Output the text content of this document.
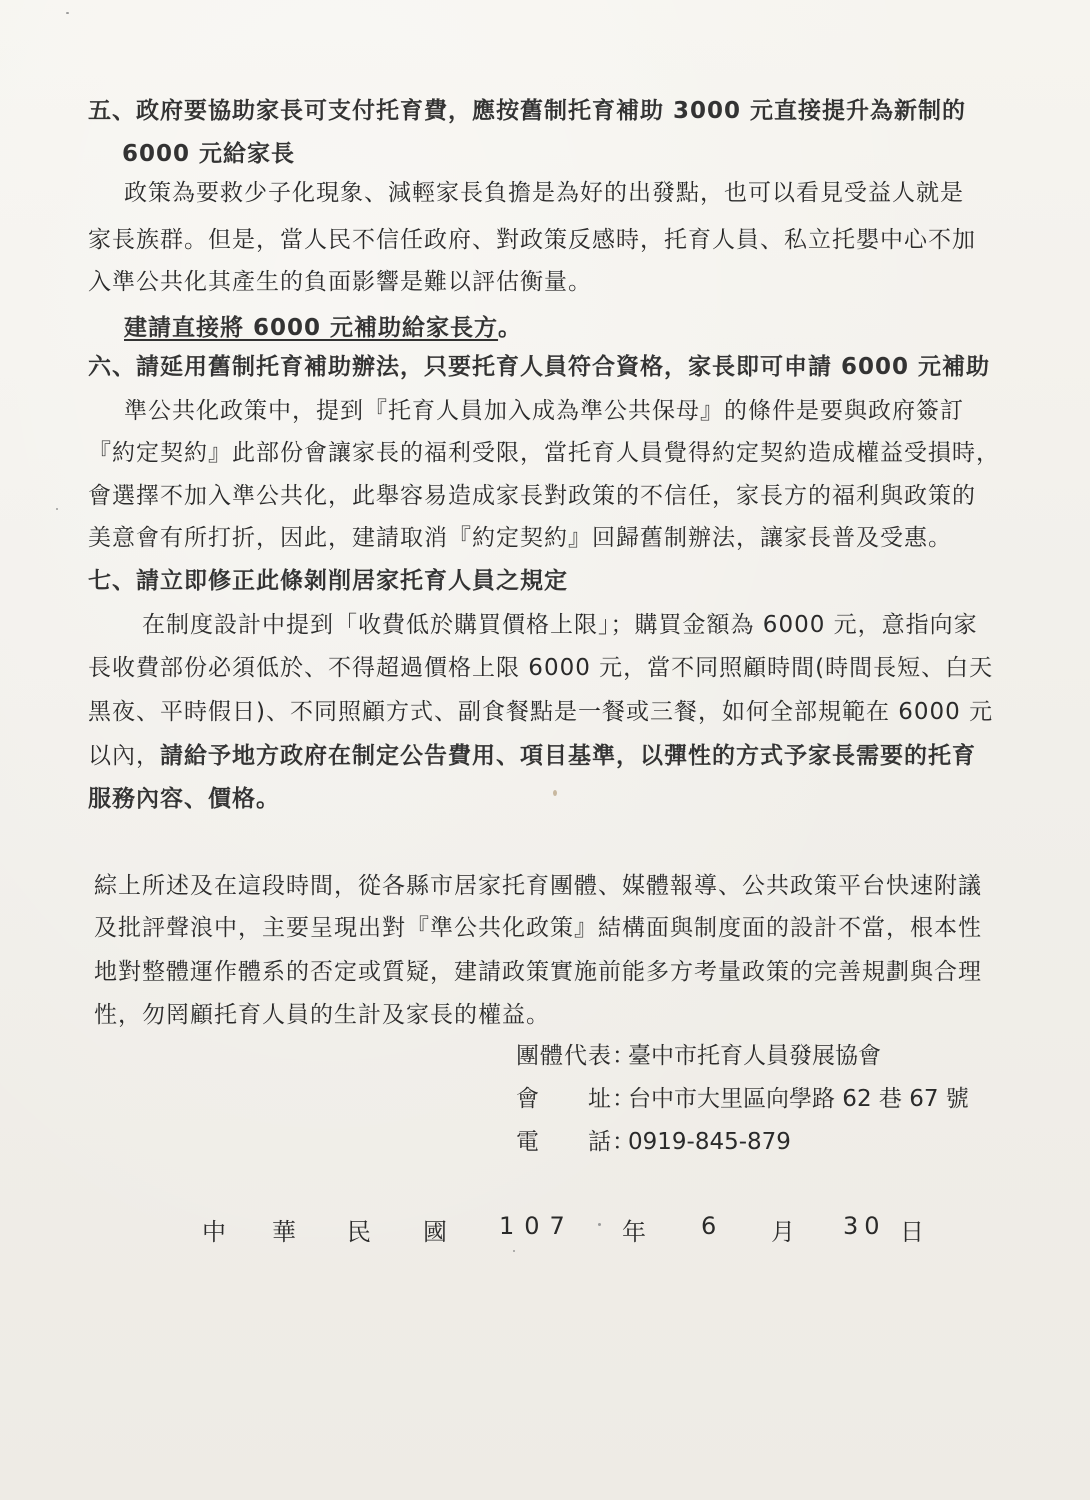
五、政府要協助家長可支付托育費，應按舊制托育補助 3000 元直接提升為新制的
6000 元給家長
政策為要救少子化現象、減輕家長負擔是為好的出發點，也可以看見受益人就是
家長族群。但是，當人民不信任政府、對政策反感時，托育人員、私立托嬰中心不加
入準公共化其產生的負面影響是難以評估衡量。
建請直接將 6000 元補助給家長方。
六、請延用舊制托育補助辦法，只要托育人員符合資格，家長即可申請 6000 元補助
準公共化政策中，提到『托育人員加入成為準公共保母』的條件是要與政府簽訂
『約定契約』此部份會讓家長的福利受限，當托育人員覺得約定契約造成權益受損時，
會選擇不加入準公共化，此舉容易造成家長對政策的不信任，家長方的福利與政策的
美意會有所打折，因此，建請取消『約定契約』回歸舊制辦法，讓家長普及受惠。
七、請立即修正此條剝削居家托育人員之規定
在制度設計中提到「收費低於購買價格上限」；購買金額為 6000 元，意指向家
長收費部份必須低於、不得超過價格上限 6000 元，當不同照顧時間(時間長短、白天
黑夜、平時假日)、不同照顧方式、副食餐點是一餐或三餐，如何全部規範在 6000 元
以內，請給予地方政府在制定公告費用、項目基準，以彈性的方式予家長需要的托育
服務內容、價格。
綜上所述及在這段時間，從各縣市居家托育團體、媒體報導、公共政策平台快速附議
及批評聲浪中，主要呈現出對『準公共化政策』結構面與制度面的設計不當，根本性
地對整體運作體系的否定或質疑，建請政策實施前能多方考量政策的完善規劃與合理
性，勿罔顧托育人員的生計及家長的權益。
團體代表：臺中市托育人員發展協會
會　　址：台中市大里區向學路 62 巷 67 號
電　　話：0919-845-879
中 華 民 國 107 年 6 月 30 日
